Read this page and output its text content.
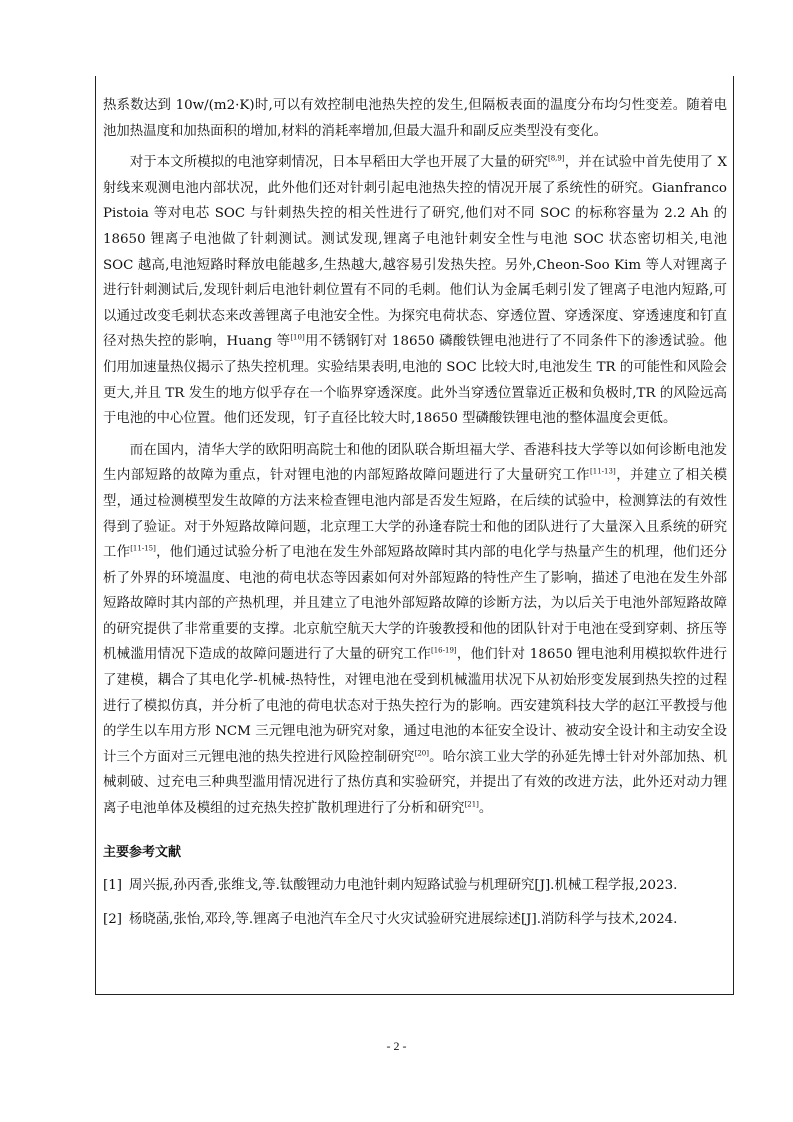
热系数达到 10w/(m2·K)时,可以有效控制电池热失控的发生,但隔板表面的温度分布均匀性变差。随着电池加热温度和加热面积的增加,材料的消耗率增加,但最大温升和副反应类型没有变化。

对于本文所模拟的电池穿刺情况，日本早稻田大学也开展了大量的研究[8,9]，并在试验中首先使用了 X 射线来观测电池内部状况，此外他们还对针刺引起电池热失控的情况开展了系统性的研究。Gianfranco Pistoia 等对电芯 SOC 与针刺热失控的相关性进行了研究,他们对不同 SOC 的标称容量为 2.2 Ah 的 18650 锂离子电池做了针刺测试。测试发现,锂离子电池针刺安全性与电池 SOC 状态密切相关,电池 SOC 越高,电池短路时释放电能越多,生热越大,越容易引发热失控。另外,Cheon-Soo Kim 等人对锂离子进行针刺测试后,发现针刺后电池针刺位置有不同的毛刺。他们认为金属毛刺引发了锂离子电池内短路,可以通过改变毛刺状态来改善锂离子电池安全性。为探究电荷状态、穿透位置、穿透深度、穿透速度和钉直径对热失控的影响，Huang 等[10]用不锈钢钉对 18650 磷酸铁锂电池进行了不同条件下的渗透试验。他们用加速量热仪揭示了热失控机理。实验结果表明,电池的 SOC 比较大时,电池发生 TR 的可能性和风险会更大,并且 TR 发生的地方似乎存在一个临界穿透深度。此外当穿透位置靠近正极和负极时,TR 的风险远高于电池的中心位置。他们还发现，钉子直径比较大时,18650 型磷酸铁锂电池的整体温度会更低。

而在国内，清华大学的欧阳明高院士和他的团队联合斯坦福大学、香港科技大学等以如何诊断电池发生内部短路的故障为重点，针对锂电池的内部短路故障问题进行了大量研究工作[11-13]，并建立了相关模型，通过检测模型发生故障的方法来检查锂电池内部是否发生短路，在后续的试验中，检测算法的有效性得到了验证。对于外短路故障问题，北京理工大学的孙逢春院士和他的团队进行了大量深入且系统的研究工作[11-15]，他们通过试验分析了电池在发生外部短路故障时其内部的电化学与热量产生的机理，他们还分析了外界的环境温度、电池的荷电状态等因素如何对外部短路的特性产生了影响，描述了电池在发生外部短路故障时其内部的产热机理，并且建立了电池外部短路故障的诊断方法，为以后关于电池外部短路故障的研究提供了非常重要的支撑。北京航空航天大学的许骏教授和他的团队针对于电池在受到穿刺、挤压等机械滥用情况下造成的故障问题进行了大量的研究工作[16-19]，他们针对 18650 锂电池利用模拟软件进行了建模，耦合了其电化学-机械-热特性，对锂电池在受到机械滥用状况下从初始形变发展到热失控的过程进行了模拟仿真，并分析了电池的荷电状态对于热失控行为的影响。西安建筑科技大学的赵江平教授与他的学生以车用方形 NCM 三元锂电池为研究对象，通过电池的本征安全设计、被动安全设计和主动安全设计三个方面对三元锂电池的热失控进行风险控制研究[20]。哈尔滨工业大学的孙延先博士针对外部加热、机械刺破、过充电三种典型滥用情况进行了热仿真和实验研究，并提出了有效的改进方法，此外还对动力锂离子电池单体及模组的过充热失控扩散机理进行了分析和研究[21]。

主要参考文献

[1] 周兴振,孙丙香,张维戈,等.钛酸锂动力电池针刺内短路试验与机理研究[J].机械工程学报,2023.
[2] 杨晓菡,张怡,邓玲,等.锂离子电池汽车全尺寸火灾试验研究进展综述[J].消防科学与技术,2024.
- 2 -
